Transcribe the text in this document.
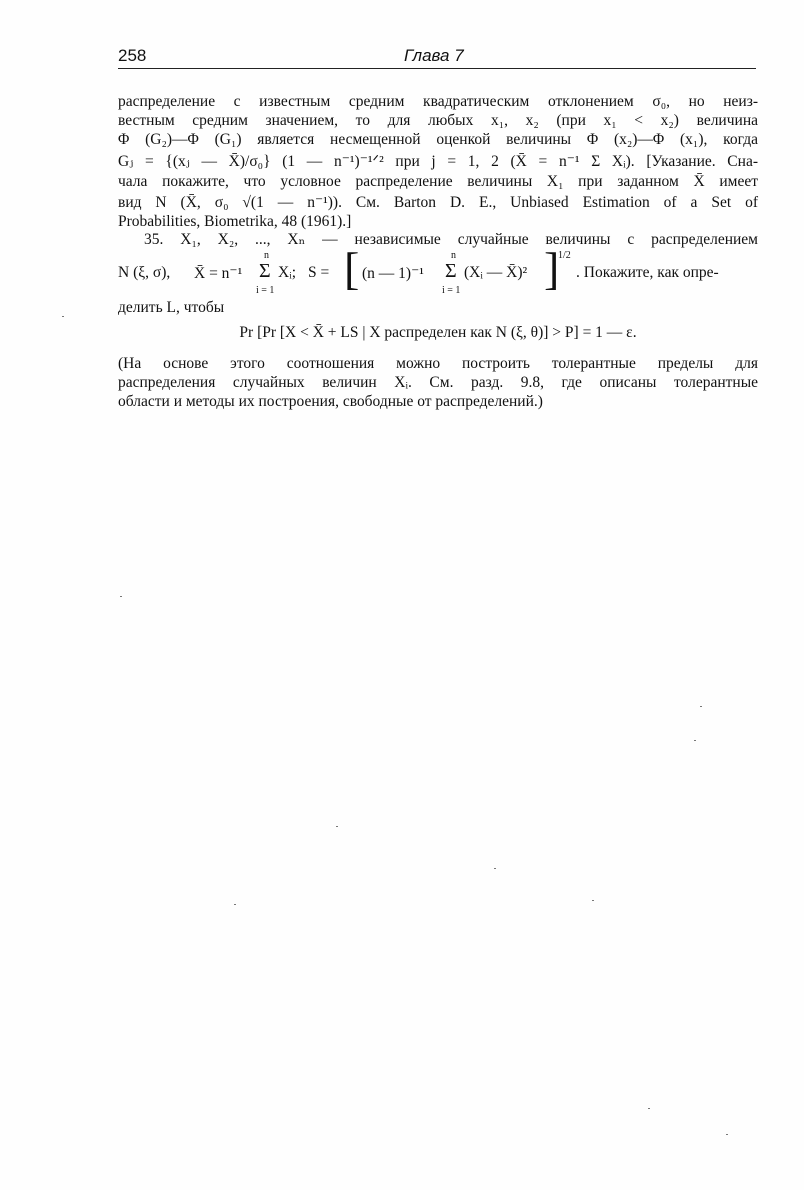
258	Глава 7

распределение с известным средним квадратическим отклонением σ₀, но неиз-

вестным средним значением, то для любых x₁, x₂ (при x₁ < x₂) величина

Φ (G₂)—Φ (G₁) является несмещенной оценкой величины Φ (x₂)—Φ (x₁), когда

Gⱼ = {(xⱼ — X̄)/σ₀} (1 — n⁻¹)⁻¹ᐟ² при j = 1, 2 (X̄ = n⁻¹ Σ Xᵢ). [Указание. Сна-

чала покажите, что условное распределение величины X₁ при заданном X̄ имеет

вид N (X̄, σ₀ √(1 — n⁻¹)). См. Barton D. E., Unbiased Estimation of a Set of

Probabilities, Biometrika, 48 (1961).]

35. X₁, X₂, ..., Xₙ — независимые случайные величины с распределением

N (ξ, σ), X̄ = n⁻¹
n
Σ
i = 1
Xᵢ; S = [ (n — 1)⁻¹
n
Σ
i = 1
(Xᵢ — X̄)² ]
1/2
. Покажите, как опре-

делить L, чтобы

Pr [Pr [X < X̄ + LS | X распределен как N (ξ, θ)] > P] = 1 — ε.

(На основе этого соотношения можно построить толерантные пределы для

распределения случайных величин Xᵢ. См. разд. 9.8, где описаны толерантные

области и методы их построения, свободные от распределений.)
